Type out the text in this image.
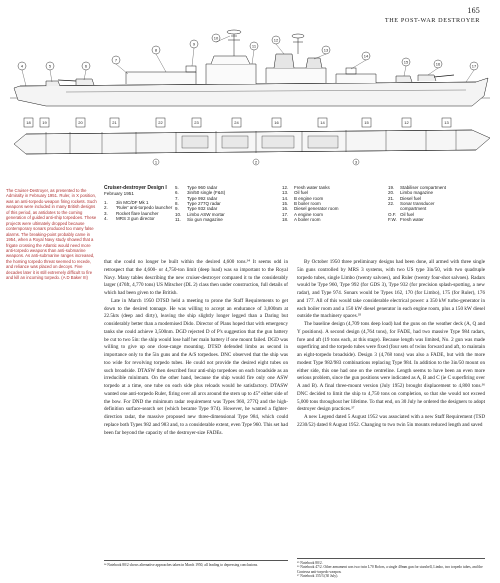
165
THE POST-WAR DESTROYER
4	5	6
7
8
9
10
11
12
13
14
15	16	17
18	19	20	21	22	23	24	16	14	15	12	13
1	2	3
The Cruiser-Destroyer, as presented to the Admiralty in February 1951. Ruler, in X position, was an anti-torpedo weapon firing rockets. Such weapons were included in many British designs of this period, as antidotes to the coming generation of guided anti-ship torpedoes. These projects were ultimately dropped because contemporary sonars produced too many false alarms. The breaking-point probably came in 1954, when a Royal Navy study showed that a frigate crossing the Atlantic would need more anti-torpedo weapons than anti-submarine weapons. As anti-submarine ranges increased, the homing torpedo threat seemed to recede, and reliance was placed on decoys. Five decades later it is still extremely difficult to fire and kill an incoming torpedo. (A D Baker III)
Cruiser-destroyer Design I
February 1951
1.	3in MC/DF Mk 1
2.	'Ruler' anti-torpedo launcher
3.	Rocket flare launcher
4.	MRS 3 gun director
5.	Type 960 radar
6.	3in/50 single (F&S)
7.	Type 992 radar
8.	Type 277Q radar
9.	Type 932 radar
10.	Limbo ASW mortar
11.	Six gun magazine
12.	Fresh water tanks
13.	Oil fuel
14.	B engine room
15.	B boiler room
16.	Diesel generator room
17.	A engine room
18.	A boiler room
19.	Stabiliser compartment
20.	Limbo magazine
21.	Diesel fuel
22.	Sonar transducer
compartment
O.F. Oil fuel
F.W. Fresh water

that she could no longer be built within the desired 4,600 tons.³⁴ It seems odd in retrospect that the 4,600- or 4,750-ton limit (deep load) was so important to the Royal Navy. Many tables describing the new cruiser-destroyer compared it to the considerably larger (476ft, 4,770 tons) US Mitscher (DL 2) class then under construction, full details of which had been given to the British.

Late in March 1950 DTSD held a meeting to prone the Staff Requirements to get down to the desired tonnage. He was willing to accept an endurance of 3,000nm at 22.5kts (deep and dirty), leaving the ship slightly longer legged than a Daring but considerably better than a modernised Dido. Director of Plans hoped that with emergency tanks she could achieve 3,500nm. DGD rejected D of P's suggestion that the gun battery be cut to two 5in: the ship would lose half her main battery if one mount failed. DGD was willing to give up one close-range mounting. DTSD defended limbo as second in importance only to the 5in guns and the A/S torpedoes. DNC observed that the ship was too wide for revolving torpedo tubes. He could not provide the desired eight tubes on such broadside. DTASW then described four anti-ship torpedoes on each broadside as an irreducible minimum. On the other hand, because the ship would fire only one ASW torpedo at a time, one tube on each side plus reloads would be satisfactory. DTASW wanted one anti-torpedo Ruler, firing over all arcs around the stern up to 45° either side of the bow. For DND the minimum radar requirement was Types 960, 277Q and the high-definition surface-search set (which became Type 974). However, he wanted a fighter-direction radar, the massive proposed new three-dimensional Type 984, which could replace both Types 982 and 983 and, to a considerable extent, even Type 960. This set had been far beyond the capacity of the destroyer-size FADEs.

By October 1950 three preliminary designs had been done, all armed with three single 5in guns controlled by MRS 3 systems, with two US type 3in/50, with two quadruple torpedo tubes, single Limbo (twenty salvoes), and Ruler (twenty four-shot salvoes). Radars would be Type 960, Type 992 (for GDS 3), Type 932 (for precision splash-spotting, a new radar), and Type 974. Sonars would be Types 162, 170 (for Limbo), 175 (for Ruler), 176 and 177. All of this would take considerable electrical power: a 350 kW turbo-generator in each boiler room and a 150 kW diesel generator in each engine room, plus a 150 kW diesel outside the machinery spaces.³⁵

The baseline design (4,709 tons deep load) had the guns on the weather deck (A, Q and Y positions). A second design (4,764 tons), for FADE, had two massive Type 984 radars, fore and aft (19 tons each, at this stage). Because length was limited, No. 2 gun was made superfiring and the torpedo tubes were fixed (four sets of twins forward and aft, to maintain an eight-torpedo broadside). Design 3 (4,768 tons) was also a FADE, but with the more modest Type 982/983 combinations replacing Type 984. In addition to the 3in/50 mount on either side, this one had one on the centreline. Length seems to have been an even more serious problem, since the gun positions were indicated as A, B and C (ie C superfiring over A and B). A final three-mount version (July 1952) brought displacement to 4,800 tons.³⁶ DNC decided to limit the ship to 4,750 tons on completion, so that she would not exceed 5,000 tons throughout her lifetime. To that end, on 30 July he ordered the designers to adopt destroyer design practices.³⁷

A new Legend dated 5 August 1952 was associated with a new Staff Requirement (TSD 2230/52) dated 8 August 1952. Changing to two twin 5in mounts reduced length and saved

³⁴ Notebook 80/2 shows alternative approaches taken in March 1950, all leading to depressing conclusions.	³⁵ Notebook 80/2.
³⁶ Notebook 47/2. Other armament was two twin L70 Bofors, a single 40mm gun for starshell, Limbo, two torpedo tubes, and the Contessa anti-torpedo weapon.
³⁷ Notebook 155/3 (30 July).
